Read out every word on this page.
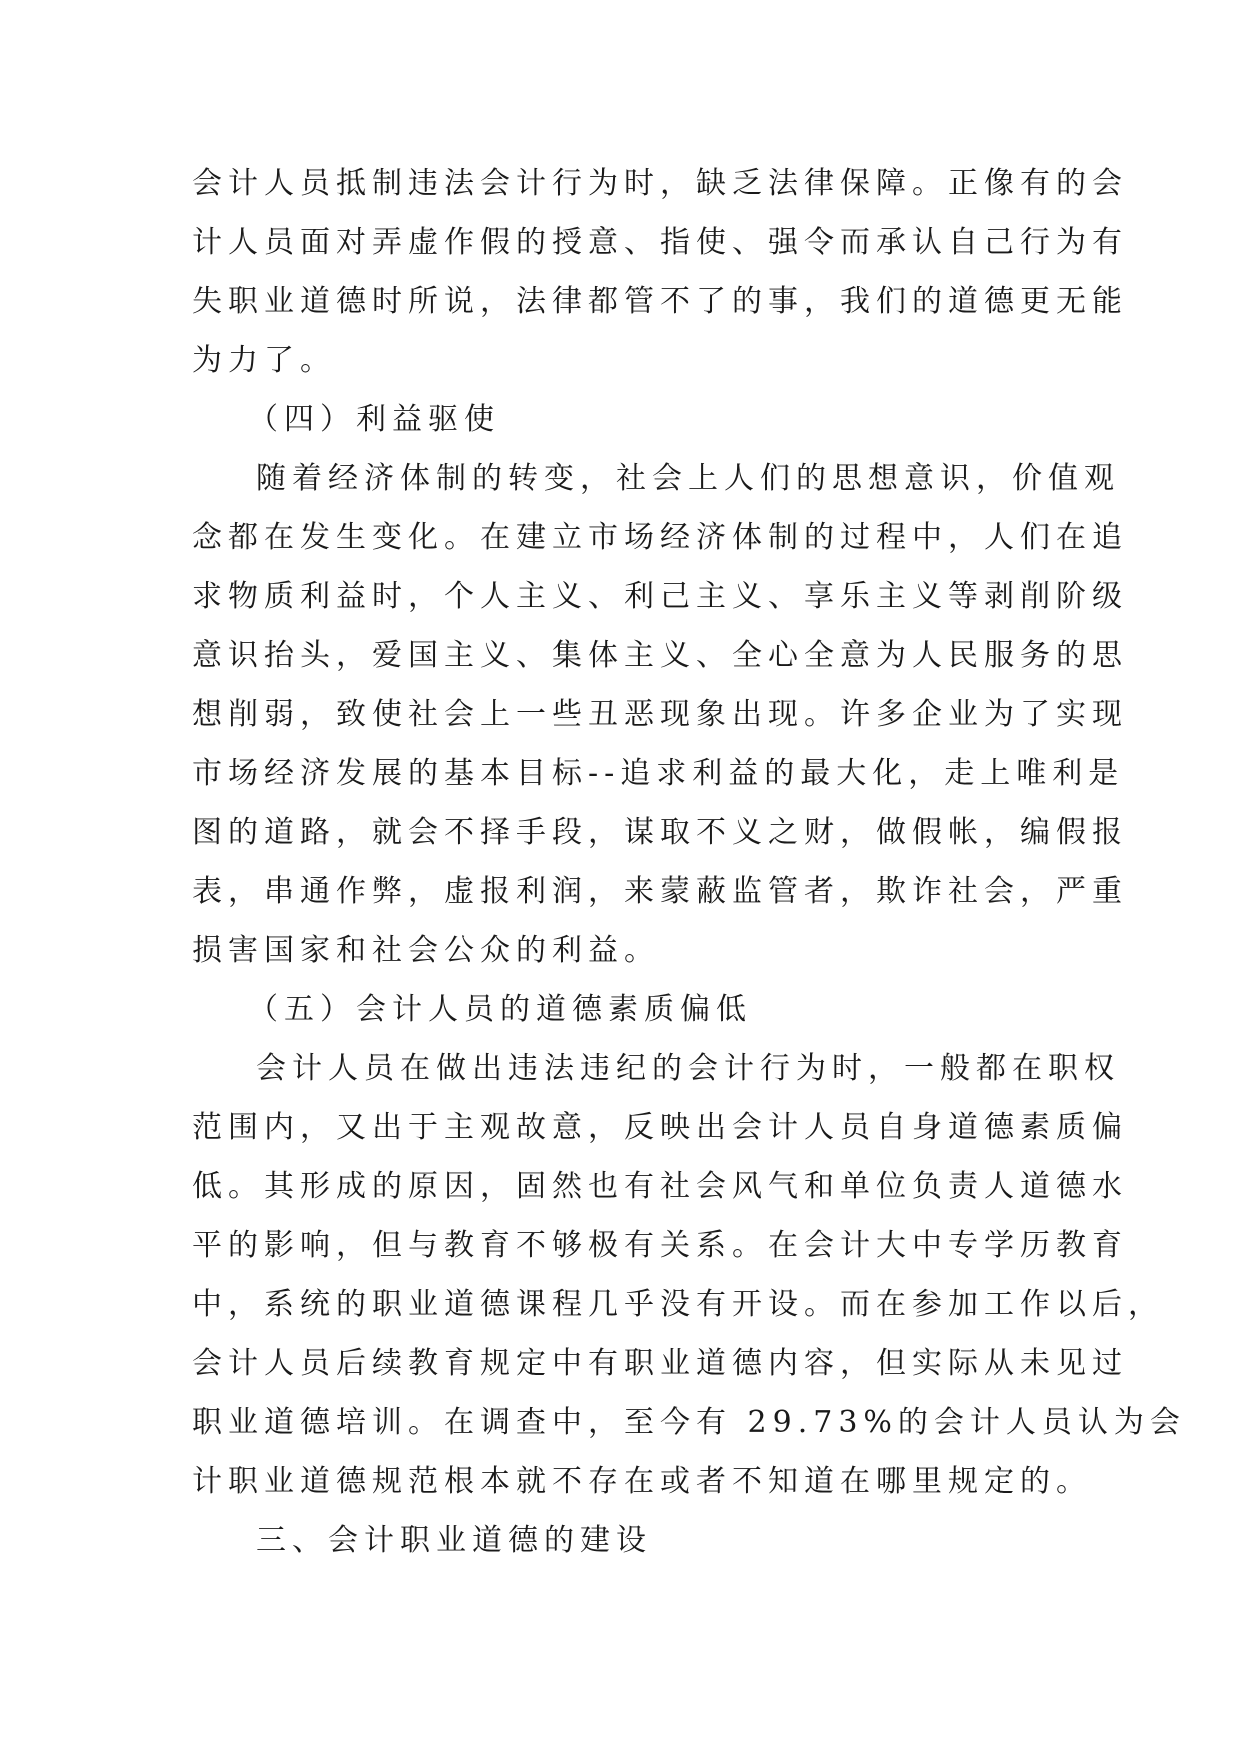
会计人员抵制违法会计行为时，缺乏法律保障。正像有的会
计人员面对弄虚作假的授意、指使、强令而承认自己行为有
失职业道德时所说，法律都管不了的事，我们的道德更无能
为力了。
（四）利益驱使
随着经济体制的转变，社会上人们的思想意识，价值观
念都在发生变化。在建立市场经济体制的过程中，人们在追
求物质利益时，个人主义、利己主义、享乐主义等剥削阶级
意识抬头，爱国主义、集体主义、全心全意为人民服务的思
想削弱，致使社会上一些丑恶现象出现。许多企业为了实现
市场经济发展的基本目标--追求利益的最大化，走上唯利是
图的道路，就会不择手段，谋取不义之财，做假帐，编假报
表，串通作弊，虚报利润，来蒙蔽监管者，欺诈社会，严重
损害国家和社会公众的利益。
（五）会计人员的道德素质偏低
会计人员在做出违法违纪的会计行为时，一般都在职权
范围内，又出于主观故意，反映出会计人员自身道德素质偏
低。其形成的原因，固然也有社会风气和单位负责人道德水
平的影响，但与教育不够极有关系。在会计大中专学历教育
中，系统的职业道德课程几乎没有开设。而在参加工作以后，
会计人员后续教育规定中有职业道德内容，但实际从未见过
职业道德培训。在调查中，至今有 29.73%的会计人员认为会
计职业道德规范根本就不存在或者不知道在哪里规定的。
三、会计职业道德的建设
